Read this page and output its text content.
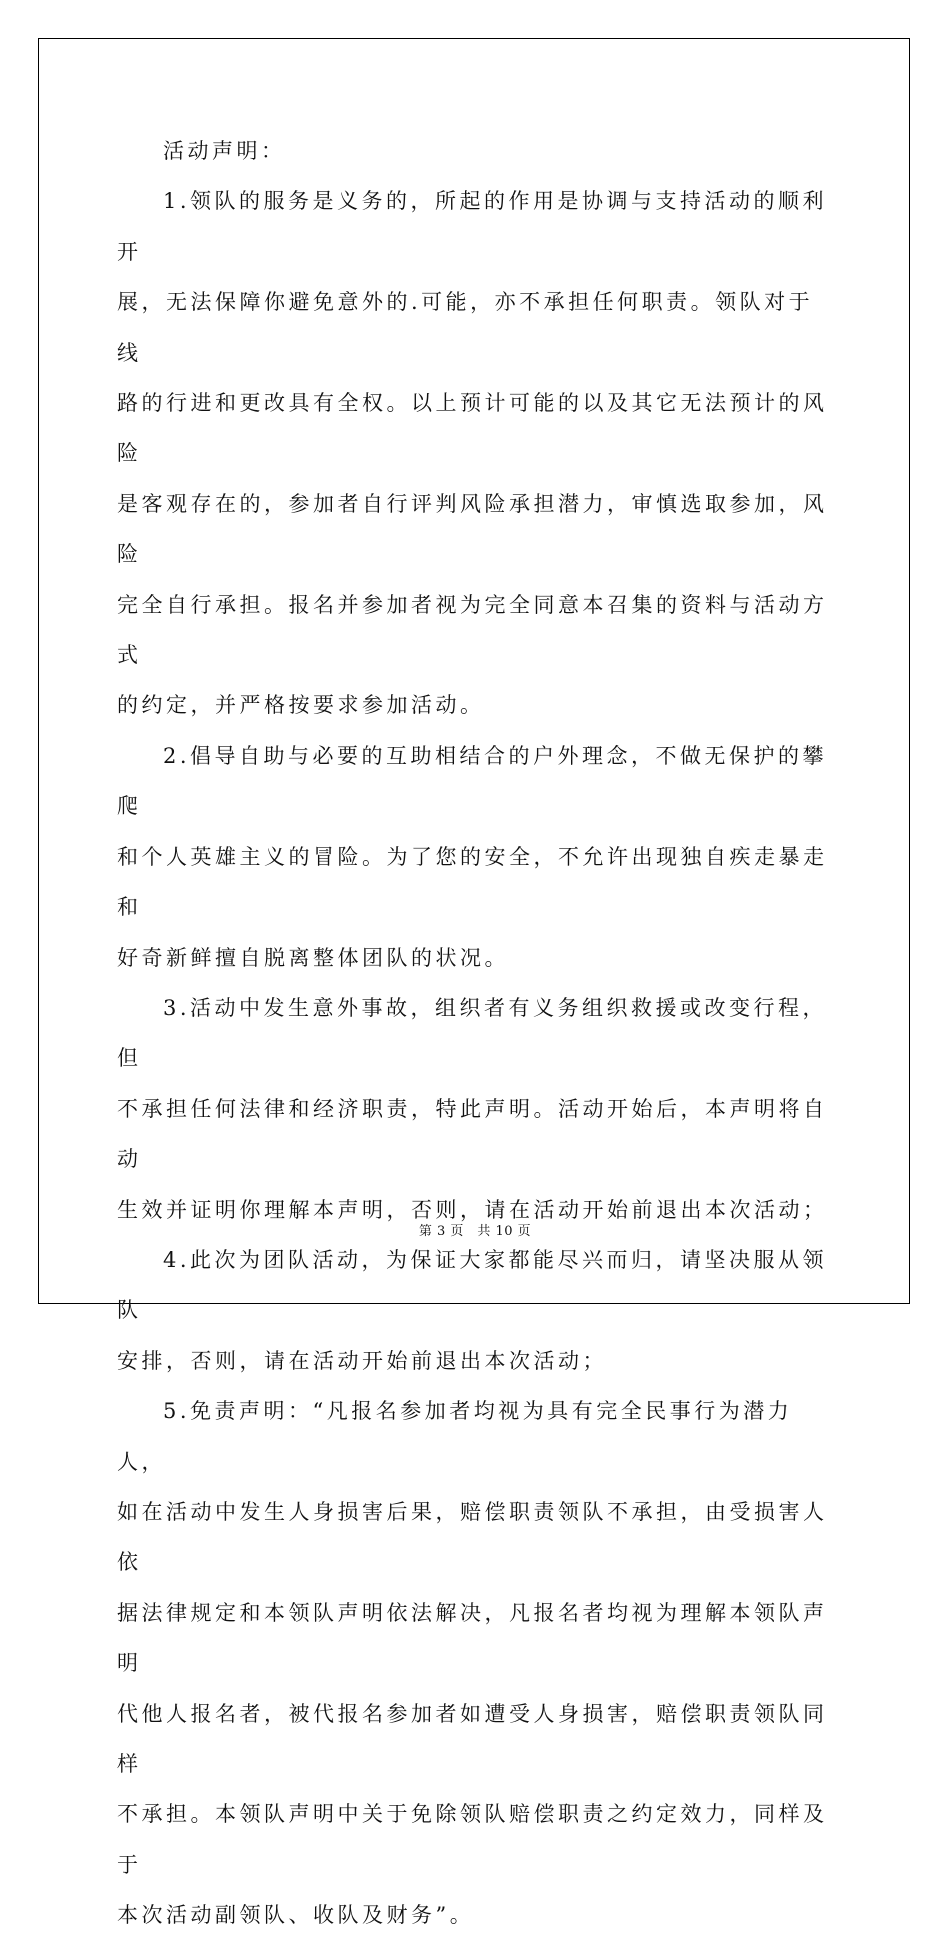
活动声明：

1.领队的服务是义务的，所起的作用是协调与支持活动的顺利开

展，无法保障你避免意外的.可能，亦不承担任何职责。领队对于线

路的行进和更改具有全权。以上预计可能的以及其它无法预计的风险

是客观存在的，参加者自行评判风险承担潜力，审慎选取参加，风险

完全自行承担。报名并参加者视为完全同意本召集的资料与活动方式

的约定，并严格按要求参加活动。

2.倡导自助与必要的互助相结合的户外理念，不做无保护的攀爬

和个人英雄主义的冒险。为了您的安全，不允许出现独自疾走暴走和

好奇新鲜擅自脱离整体团队的状况。

3.活动中发生意外事故，组织者有义务组织救援或改变行程，但

不承担任何法律和经济职责，特此声明。活动开始后，本声明将自动

生效并证明你理解本声明，否则，请在活动开始前退出本次活动；

4.此次为团队活动，为保证大家都能尽兴而归，请坚决服从领队

安排，否则，请在活动开始前退出本次活动；

5.免责声明：“凡报名参加者均视为具有完全民事行为潜力人，

如在活动中发生人身损害后果，赔偿职责领队不承担，由受损害人依

据法律规定和本领队声明依法解决，凡报名者均视为理解本领队声明

代他人报名者，被代报名参加者如遭受人身损害，赔偿职责领队同样

不承担。本领队声明中关于免除领队赔偿职责之约定效力，同样及于

本次活动副领队、收队及财务”。

第 3 页　共 10 页
